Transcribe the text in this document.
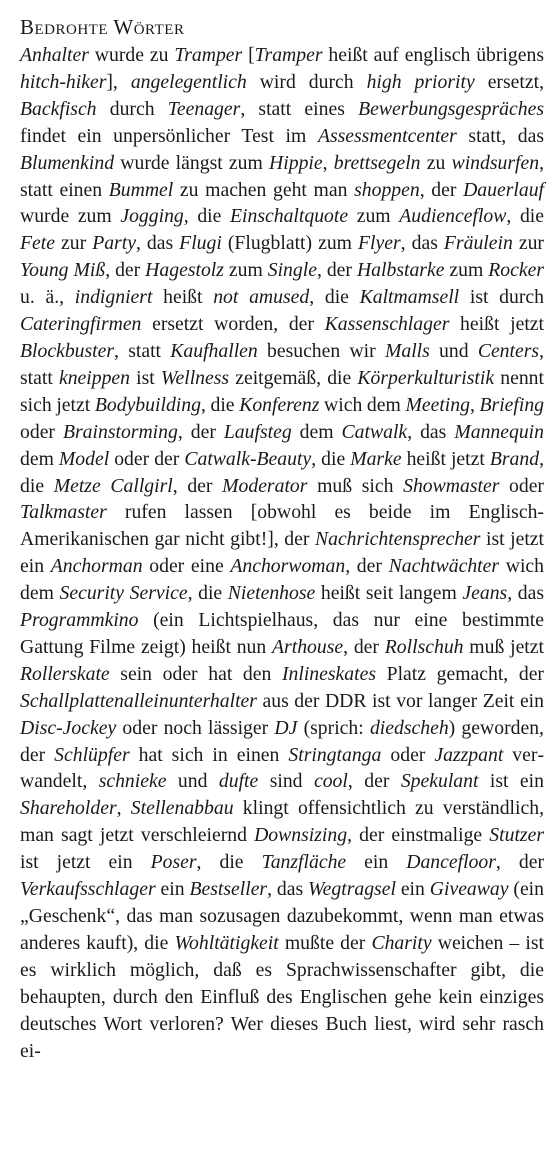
Bedrohte Wörter

Anhalter wurde zu Tramper [Tramper heißt auf englisch übrigens hitch-hiker], angelegentlich wird durch high priority ersetzt, Backfisch durch Teenager, statt eines Bewerbungsgespräches findet ein unpersönlicher Test im Assessmentcenter statt, das Blumenkind wurde längst zum Hippie, brettsegeln zu windsurfen, statt einen Bummel zu machen geht man shoppen, der Dauerlauf wurde zum Jogging, die Einschaltquote zum Audienceflow, die Fete zur Party, das Flugi (Flugblatt) zum Flyer, das Fräulein zur Young Miß, der Hagestolz zum Single, der Halbstarke zum Rocker u. ä., indigniert heißt not amused, die Kaltmamsell ist durch Cateringfirmen ersetzt worden, der Kassenschlager heißt jetzt Blockbuster, statt Kaufhallen besuchen wir Malls und Centers, statt kneippen ist Wellness zeitgemäß, die Körperkulturistik nennt sich jetzt Bodybuilding, die Konferenz wich dem Meeting, Briefing oder Brainstorming, der Laufsteg dem Catwalk, das Mannequin dem Model oder der Catwalk-Beauty, die Marke heißt jetzt Brand, die Metze Callgirl, der Moderator muß sich Showmaster oder Talkmaster rufen lassen [obwohl es beide im Englisch-Amerikanischen gar nicht gibt!], der Nachrichtensprecher ist jetzt ein Anchorman oder eine Anchorwoman, der Nachtwächter wich dem Security Service, die Nietenhose heißt seit langem Jeans, das Programmkino (ein Lichtspielhaus, das nur eine bestimmte Gattung Filme zeigt) heißt nun Arthouse, der Rollschuh muß jetzt Rollerskate sein oder hat den Inlineskates Platz gemacht, der Schallplattenalleinunterhalter aus der DDR ist vor langer Zeit ein Disc-Jockey oder noch lässiger DJ (sprich: diedscheh) geworden, der Schlüpfer hat sich in einen Stringtanga oder Jazzpant verwandelt, schnieke und dufte sind cool, der Spekulant ist ein Shareholder, Stellenabbau klingt offensichtlich zu verständlich, man sagt jetzt verschleiernd Downsizing, der einstmalige Stutzer ist jetzt ein Poser, die Tanzfläche ein Dancefloor, der Verkaufsschlager ein Bestseller, das Wegtragsel ein Giveaway (ein „Geschenk“, das man sozusagen dazubekommt, wenn man etwas anderes kauft), die Wohltätigkeit mußte der Charity weichen – ist es wirklich möglich, daß es Sprachwissenschafter gibt, die behaupten, durch den Einfluß des Englischen gehe kein einziges deutsches Wort verloren? Wer dieses Buch liest, wird sehr rasch ei-
